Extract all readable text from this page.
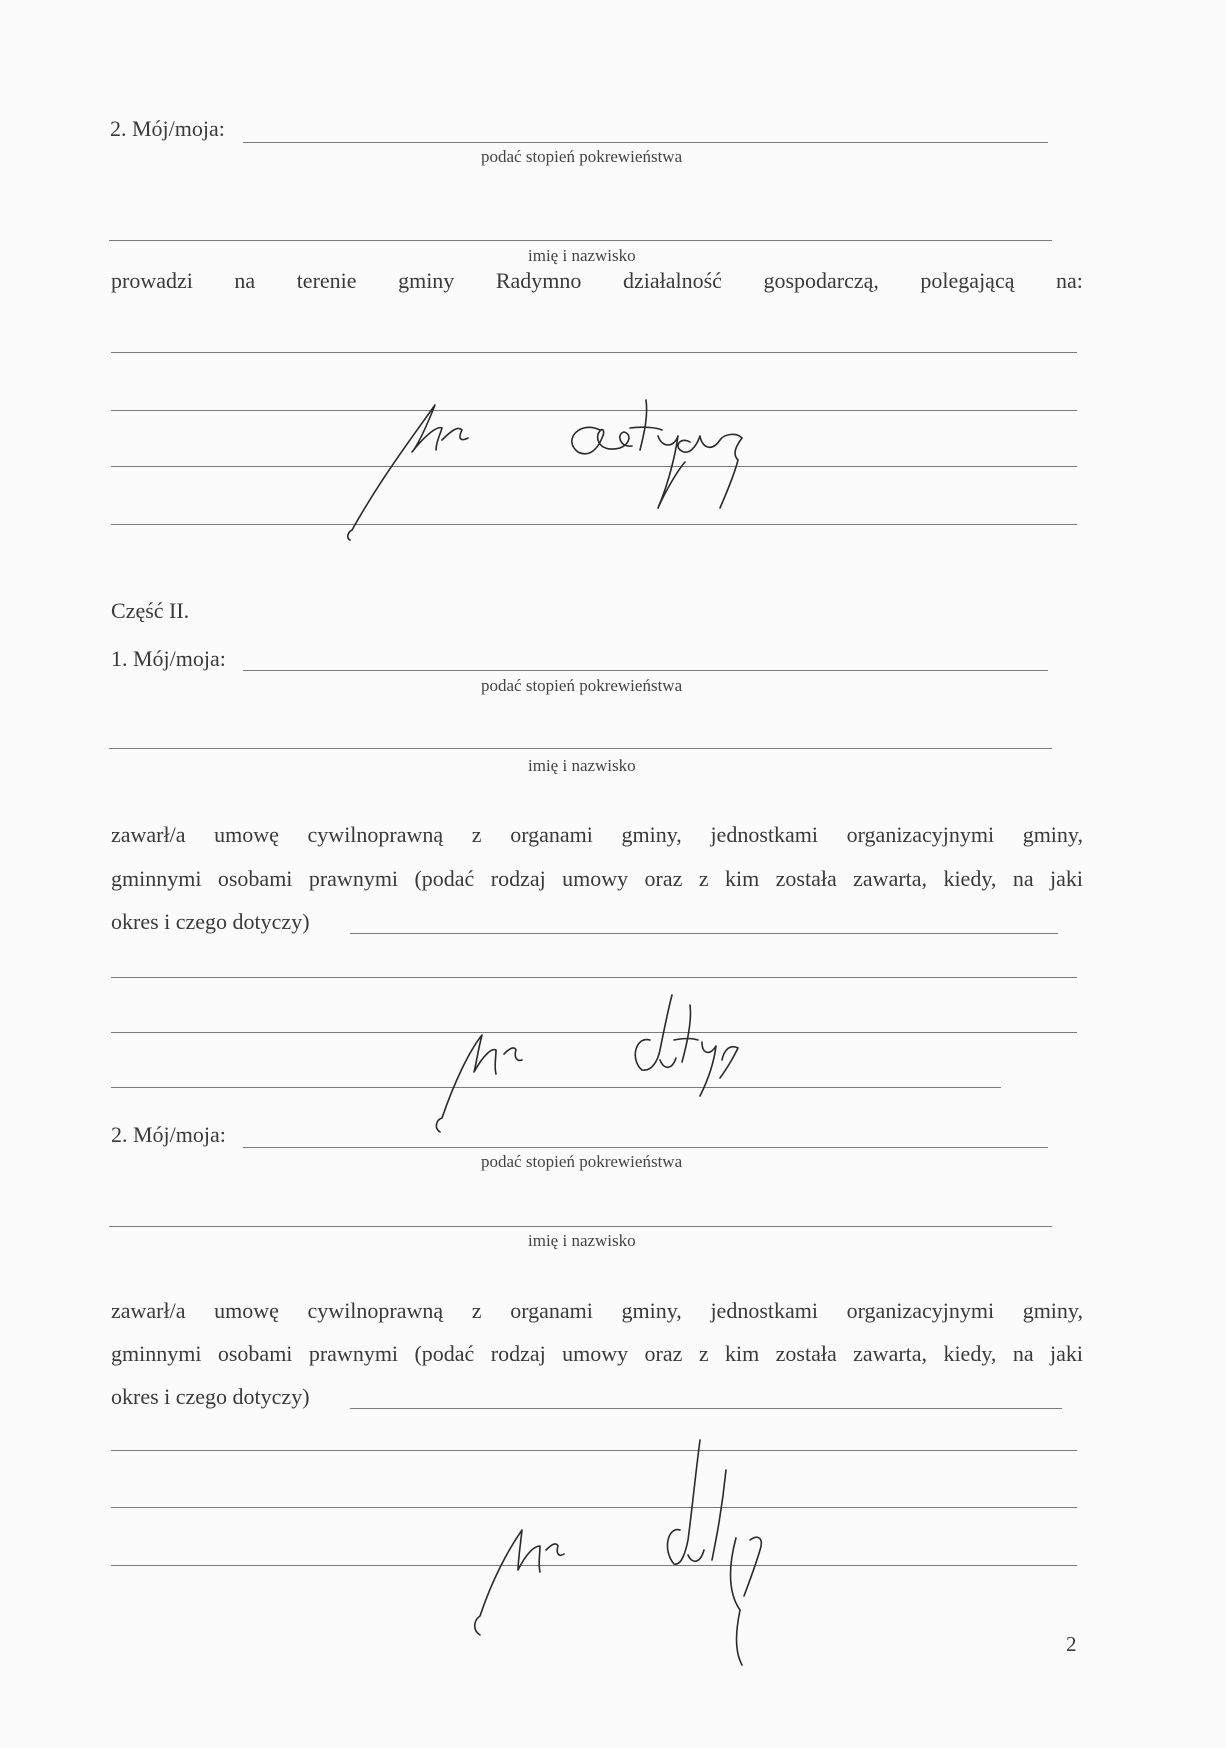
2. Mój/moja:
podać stopień pokrewieństwa
imię i nazwisko
prowadzi na terenie gminy Radymno działalność gospodarczą, polegającą na:
Część II.
1. Mój/moja:
podać stopień pokrewieństwa
imię i nazwisko
zawarł/a umowę cywilnoprawną z organami gminy, jednostkami organizacyjnymi gminy,
gminnymi osobami prawnymi (podać rodzaj umowy oraz z kim została zawarta, kiedy, na jaki
okres i czego dotyczy)
2. Mój/moja:
podać stopień pokrewieństwa
imię i nazwisko
zawarł/a umowę cywilnoprawną z organami gminy, jednostkami organizacyjnymi gminy,
gminnymi osobami prawnymi (podać rodzaj umowy oraz z kim została zawarta, kiedy, na jaki
okres i czego dotyczy)
2
